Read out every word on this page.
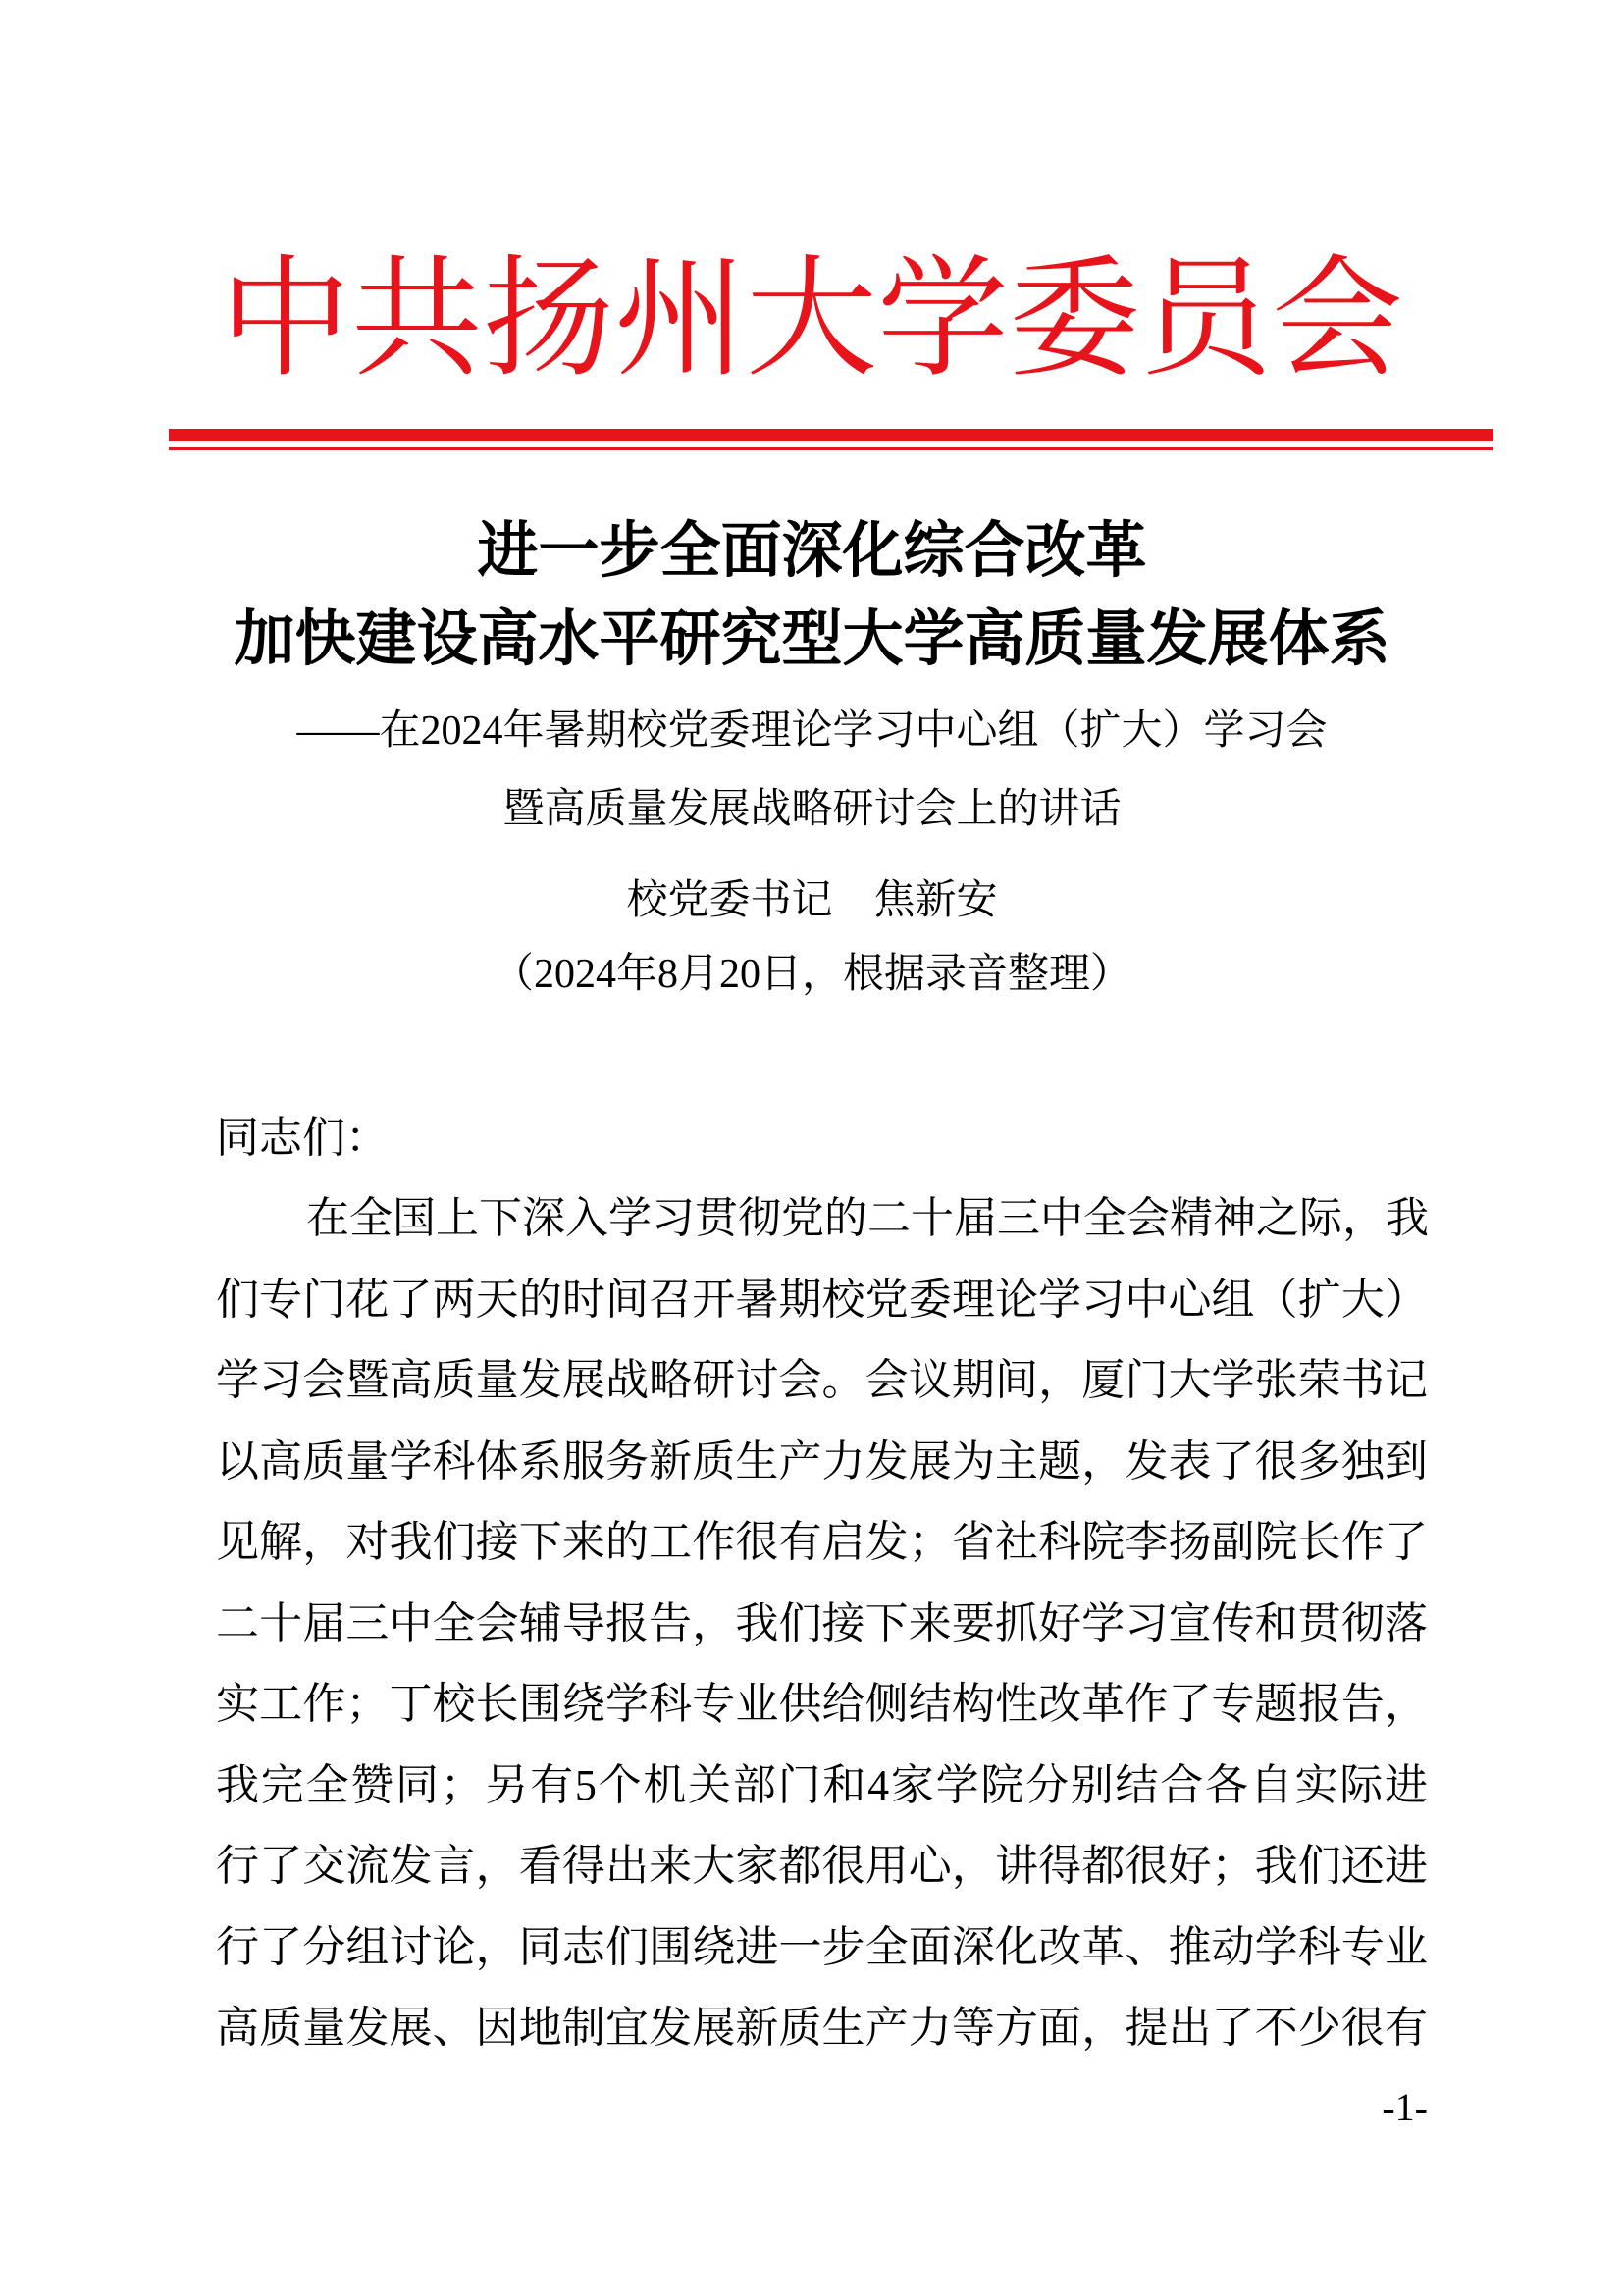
中共扬州大学委员会
进一步全面深化综合改革
加快建设高水平研究型大学高质量发展体系
——在2024年暑期校党委理论学习中心组（扩大）学习会
暨高质量发展战略研讨会上的讲话
校党委书记　焦新安
（2024年8月20日，根据录音整理）
同志们：
在全国上下深入学习贯彻党的二十届三中全会精神之际，我
们专门花了两天的时间召开暑期校党委理论学习中心组（扩大）
学习会暨高质量发展战略研讨会。会议期间，厦门大学张荣书记
以高质量学科体系服务新质生产力发展为主题，发表了很多独到
见解，对我们接下来的工作很有启发；省社科院李扬副院长作了
二十届三中全会辅导报告，我们接下来要抓好学习宣传和贯彻落
实工作；丁校长围绕学科专业供给侧结构性改革作了专题报告，
我完全赞同；另有5个机关部门和4家学院分别结合各自实际进
行了交流发言，看得出来大家都很用心，讲得都很好；我们还进
行了分组讨论，同志们围绕进一步全面深化改革、推动学科专业
高质量发展、因地制宜发展新质生产力等方面，提出了不少很有
-1-
